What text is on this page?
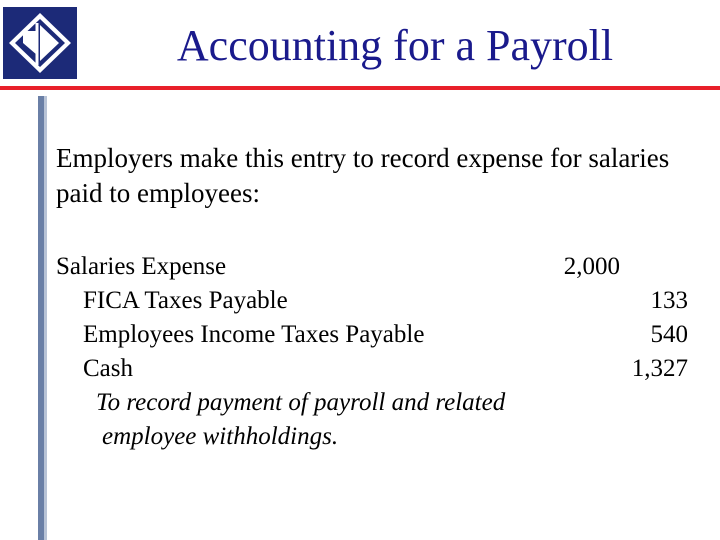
Accounting for a Payroll
Employers make this entry to record expense for salaries paid to employees:
Salaries Expense	2,000
FICA Taxes Payable	133
Employees Income Taxes Payable	540
Cash	1,327
To record payment of payroll and related
employee withholdings.
